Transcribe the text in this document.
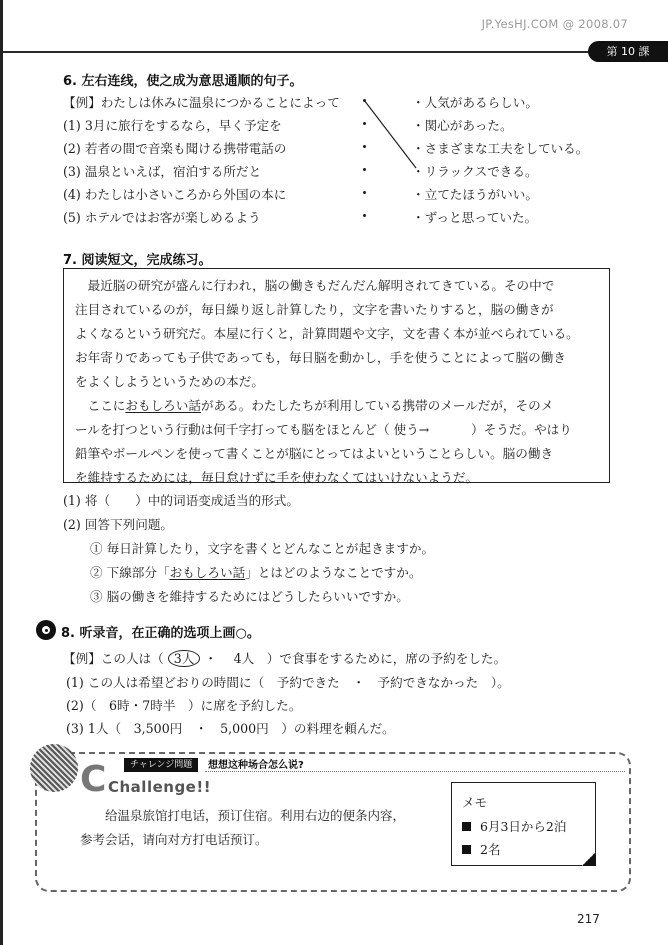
JP.YesHJ.COM @ 2008.07
第 10 課
6. 左右连线，使之成为意思通顺的句子。
【例】わたしは休みに温泉につかることによって
(1) 3月に旅行をするなら，早く予定を
(2) 若者の間で音楽も聞ける携帯電話の
(3) 温泉といえば，宿泊する所だと
(4) わたしは小さいころから外国の本に
(5) ホテルではお客が楽しめるよう
・人気があるらしい。
・関心があった。
・さまざまな工夫をしている。
・リラックスできる。
・立てたほうがいい。
・ずっと思っていた。
7. 阅读短文，完成练习。
　最近脳の研究が盛んに行われ，脳の働きもだんだん解明されてきている。その中で
注目されているのが，毎日繰り返し計算したり，文字を書いたりすると，脳の働きが
よくなるという研究だ。本屋に行くと，計算問題や文字，文を書く本が並べられている。
お年寄りであっても子供であっても，毎日脳を動かし，手を使うことによって脳の働き
をよくしようというための本だ。
　ここにおもしろい話がある。わたしたちが利用している携帯のメールだが，そのメ
ールを打つという行動は何千字打っても脳をほとんど（ 使う→　　　 ）そうだ。やはり
鉛筆やボールペンを使って書くことが脳にとってはよいということらしい。脳の働き
を維持するためには，毎日怠けずに手を使わなくてはいけないようだ。
(1) 将（　　）中的词语变成适当的形式。
(2) 回答下列问题。
① 毎日計算したり，文字を書くとどんなことが起きますか。
② 下線部分「おもしろい話」とはどのようなことですか。
③ 脳の働きを維持するためにはどうしたらいいですか。
8. 听录音，在正确的选项上画○。
【例】この人は（ 3人 ・　 4人　）で食事をするために，席の予約をした。
(1) この人は希望どおりの時間に（　予約できた　・　予約できなかった　）。
(2)（　6時・7時半　）に席を予約した。
(3) 1人（　3,500円　・　5,000円　）の料理を頼んだ。
C Challenge!!
チャレンジ問題	想想这种场合怎么说?
　　给温泉旅馆打电话，预订住宿。利用右边的便条内容，
参考会话，请向对方打电话预订。
メモ
6月3日から2泊
2名
217
